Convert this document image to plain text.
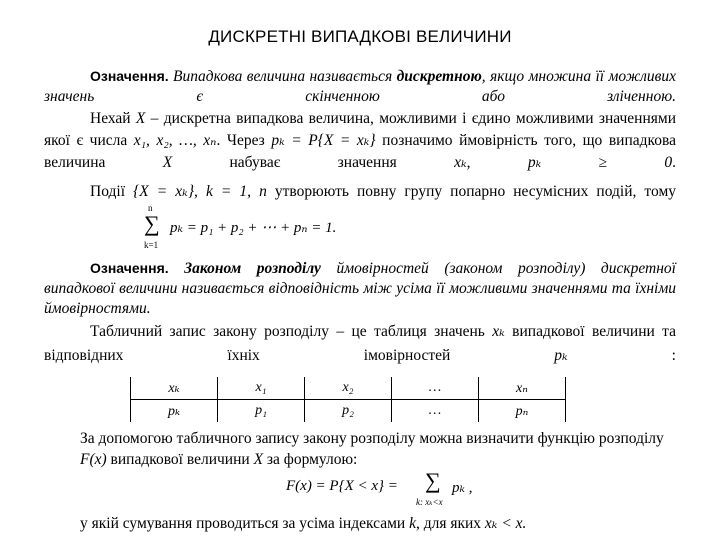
ДИСКРЕТНІ ВИПАДКОВІ ВЕЛИЧИНИ
Означення. Випадкова величина називається дискретною, якщо множина її можливих значень є скінченною або зліченною.
Нехай X – дискретна випадкова величина, можливими і єдино можливими значеннями якої є числа x₁, x₂, …, xₙ. Через pₖ = P{X = xₖ} позначимо ймовірність того, що випадкова величина X набуває значення xₖ, pₖ ≥ 0.
Події {X = xₖ}, k = 1, n утворюють повну групу попарно несумісних подій, тому
n
∑
k=1
pₖ = p₁ + p₂ + ⋯ + pₙ = 1.
Означення. Законом розподілу ймовірностей (законом розподілу) дискретної випадкової величини називається відповідність між усіма її можливими значеннями та їхніми ймовірностями.
Табличний запис закону розподілу – це таблиця значень xₖ випадкової величини та відповідних їхніх імовірностей pₖ :
xₖ	x₁	x₂	…	xₙ
pₖ	p₁	p₂	…	pₙ
За допомогою табличного запису закону розподілу можна визначити функцію розподілу F(x) випадкової величини X за формулою:
F(x) = P{X < x} = ∑
k: xₖ<x
pₖ ,
у якій сумування проводиться за усіма індексами k, для яких xₖ < x.
